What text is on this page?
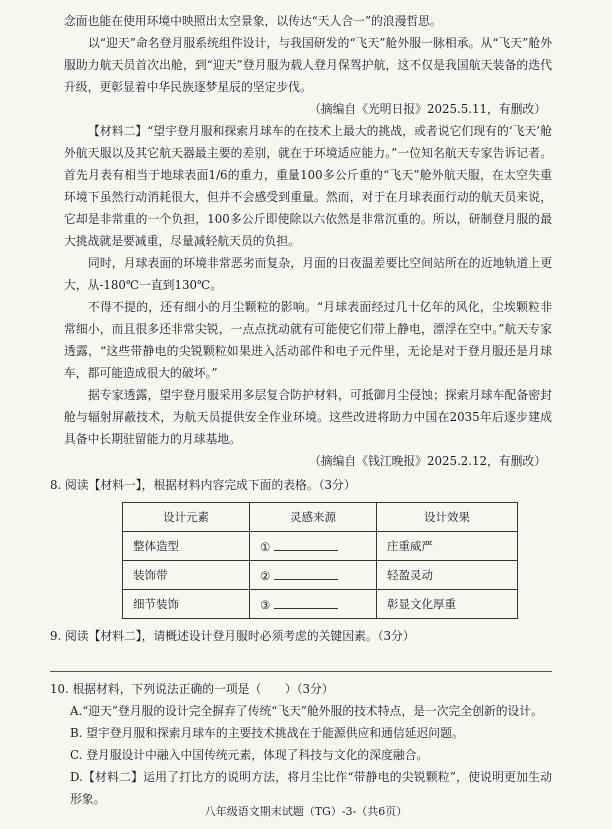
念面也能在使用环境中映照出太空景象，以传达“天人合一”的浪漫哲思。

以“迎天”命名登月服系统组件设计，与我国研发的“飞天”舱外服一脉相承。从“飞天”舱外服助力航天员首次出舱，到“迎天”登月服为载人登月保驾护航，这不仅是我国航天装备的迭代升级，更彰显着中华民族逐梦星辰的坚定步伐。

（摘编自《光明日报》2025.5.11，有删改）

【材料二】“望宇登月服和探索月球车的在技术上最大的挑战，或者说它们现有的‘飞天’舱外航天服以及其它航天器最主要的差别，就在于环境适应能力。”一位知名航天专家告诉记者。首先月表有相当于地球表面1/6的重力，重量100多公斤重的“飞天”舱外航天服，在太空失重环境下虽然行动消耗很大，但并不会感受到重量。然而，对于在月球表面行动的航天员来说，它却是非常重的一个负担，100多公斤即使除以六依然是非常沉重的。所以，研制登月服的最大挑战就是要减重，尽量减轻航天员的负担。

同时，月球表面的环境非常恶劣而复杂，月面的日夜温差要比空间站所在的近地轨道上更大，从-180℃一直到130℃。

不得不提的，还有细小的月尘颗粒的影响。“月球表面经过几十亿年的风化，尘埃颗粒非常细小，而且很多还非常尖锐，一点点扰动就有可能使它们带上静电，漂浮在空中。”航天专家透露，“这些带静电的尖锐颗粒如果进入活动部件和电子元件里，无论是对于登月服还是月球车，都可能造成很大的破坏。”

据专家透露，望宇登月服采用多层复合防护材料，可抵御月尘侵蚀；探索月球车配备密封舱与辐射屏蔽技术，为航天员提供安全作业环境。这些改进将助力中国在2035年后逐步建成具备中长期驻留能力的月球基地。

（摘编自《钱江晚报》2025.2.12，有删改）

8. 阅读【材料一】，根据材料内容完成下面的表格。（3分）

设计元素	灵感来源	设计效果
整体造型	①	庄重威严
装饰带	②	轻盈灵动
细节装饰	③	彰显文化厚重

9. 阅读【材料二】，请概述设计登月服时必须考虑的关键因素。（3分）

10. 根据材料，下列说法正确的一项是（　　）（3分）

A.“迎天”登月服的设计完全摒弃了传统“飞天”舱外服的技术特点，是一次完全创新的设计。

B. 望宇登月服和探索月球车的主要技术挑战在于能源供应和通信延迟问题。

C. 登月服设计中融入中国传统元素，体现了科技与文化的深度融合。

D.【材料二】运用了打比方的说明方法，将月尘比作“带静电的尖锐颗粒”，使说明更加生动形象。

八年级语文期末试题（TG）-3-（共6页）
